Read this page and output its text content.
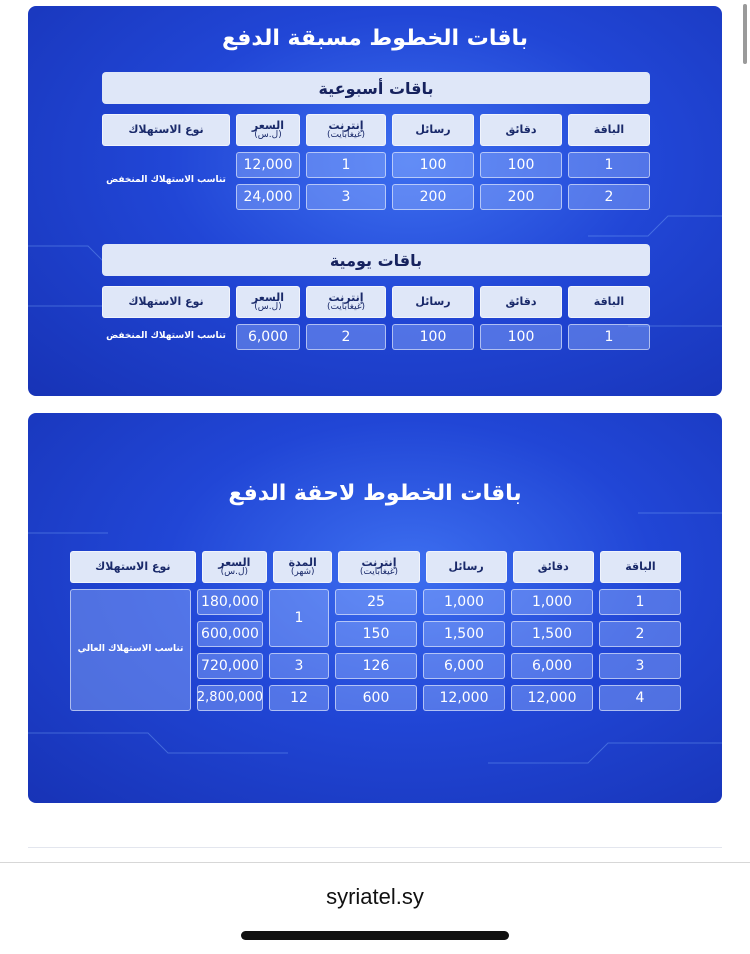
باقات الخطوط مسبقة الدفع
باقات أسبوعية
الباقة
دقائق
رسائل
إنترنت
(غيغابايت)
السعر
(ل.س)
نوع الاستهلاك
1
100
100
1
12,000
2
200
200
3
24,000
تناسب الاستهلاك المنخفض
باقات يومية
الباقة
دقائق
رسائل
إنترنت
(غيغابايت)
السعر
(ل.س)
نوع الاستهلاك
1
100
100
2
6,000
تناسب الاستهلاك المنخفض
باقات الخطوط لاحقة الدفع
الباقة
دقائق
رسائل
إنترنت
(غيغابايت)
المدة
(شهر)
السعر
(ل.س)
نوع الاستهلاك
1
1,000
1,000
25
2
1,500
1,500
150
3
6,000
6,000
126
4
12,000
12,000
600
1
3
12
180,000
600,000
720,000
2,800,000
تناسب الاستهلاك العالي
syriatel.sy
